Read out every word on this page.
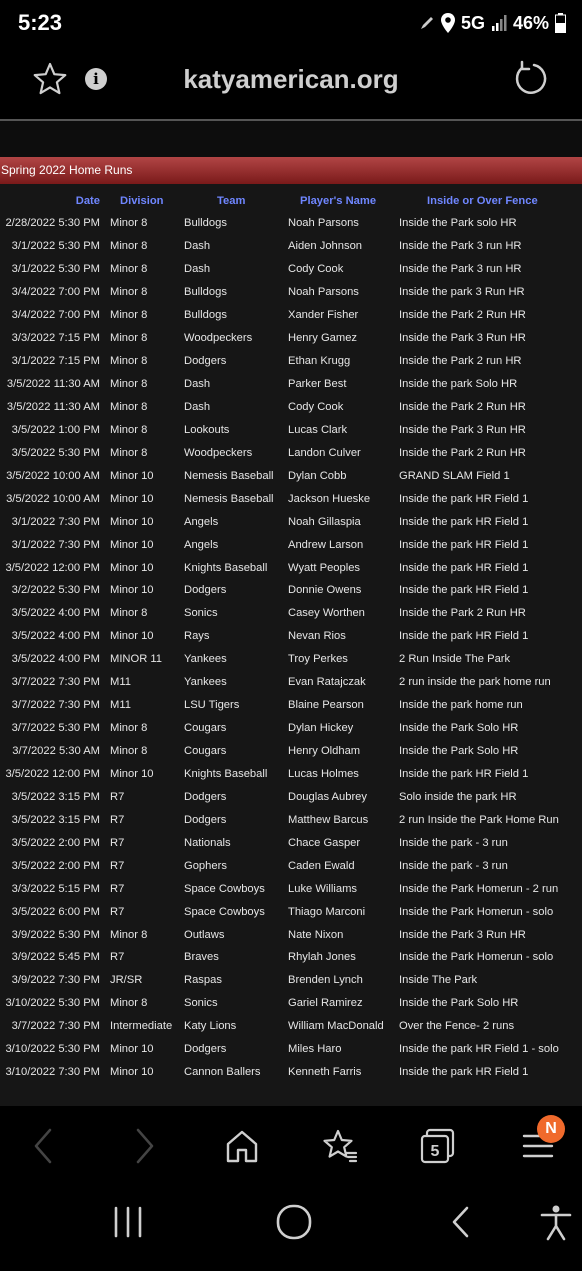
5:23	5G 46%
i	katyamerican.org
Spring 2022 Home Runs
Date	Division	Team	Player's Name	Inside or Over Fence
2/28/2022 5:30 PM	Minor 8	Bulldogs	Noah Parsons	Inside the Park solo HR
3/1/2022 5:30 PM	Minor 8	Dash	Aiden Johnson	Inside the Park 3 run HR
3/1/2022 5:30 PM	Minor 8	Dash	Cody Cook	Inside the Park 3 run HR
3/4/2022 7:00 PM	Minor 8	Bulldogs	Noah Parsons	Inside the park 3 Run HR
3/4/2022 7:00 PM	Minor 8	Bulldogs	Xander Fisher	Inside the Park 2 Run HR
3/3/2022 7:15 PM	Minor 8	Woodpeckers	Henry Gamez	Inside the Park 3 Run HR
3/1/2022 7:15 PM	Minor 8	Dodgers	Ethan Krugg	Inside the Park 2 run HR
3/5/2022 11:30 AM	Minor 8	Dash	Parker Best	Inside the park Solo HR
3/5/2022 11:30 AM	Minor 8	Dash	Cody Cook	Inside the Park 2 Run HR
3/5/2022 1:00 PM	Minor 8	Lookouts	Lucas Clark	Inside the Park 3 Run HR
3/5/2022 5:30 PM	Minor 8	Woodpeckers	Landon Culver	Inside the Park 2 Run HR
3/5/2022 10:00 AM	Minor 10	Nemesis Baseball	Dylan Cobb	GRAND SLAM Field 1
3/5/2022 10:00 AM	Minor 10	Nemesis Baseball	Jackson Hueske	Inside the park HR Field 1
3/1/2022 7:30 PM	Minor 10	Angels	Noah Gillaspia	Inside the park HR Field 1
3/1/2022 7:30 PM	Minor 10	Angels	Andrew Larson	Inside the park HR Field 1
3/5/2022 12:00 PM	Minor 10	Knights Baseball	Wyatt Peoples	Inside the park HR Field 1
3/2/2022 5:30 PM	Minor 10	Dodgers	Donnie Owens	Inside the park HR Field 1
3/5/2022 4:00 PM	Minor 8	Sonics	Casey Worthen	Inside the Park 2 Run HR
3/5/2022 4:00 PM	Minor 10	Rays	Nevan Rios	Inside the park HR Field 1
3/5/2022 4:00 PM	MINOR 11	Yankees	Troy Perkes	2 Run Inside The Park
3/7/2022 7:30 PM	M11	Yankees	Evan Ratajczak	2 run inside the park home run
3/7/2022 7:30 PM	M11	LSU Tigers	Blaine Pearson	Inside the park home run
3/7/2022 5:30 PM	Minor 8	Cougars	Dylan Hickey	Inside the Park Solo HR
3/7/2022 5:30 AM	Minor 8	Cougars	Henry Oldham	Inside the Park Solo HR
3/5/2022 12:00 PM	Minor 10	Knights Baseball	Lucas Holmes	Inside the park HR Field 1
3/5/2022 3:15 PM	R7	Dodgers	Douglas Aubrey	Solo inside the park HR
3/5/2022 3:15 PM	R7	Dodgers	Matthew Barcus	2 run Inside the Park Home Run
3/5/2022 2:00 PM	R7	Nationals	Chace Gasper	Inside the park - 3 run
3/5/2022 2:00 PM	R7	Gophers	Caden Ewald	Inside the park - 3 run
3/3/2022 5:15 PM	R7	Space Cowboys	Luke Williams	Inside the Park Homerun - 2 run
3/5/2022 6:00 PM	R7	Space Cowboys	Thiago Marconi	Inside the Park Homerun - solo
3/9/2022 5:30 PM	Minor 8	Outlaws	Nate Nixon	Inside the Park 3 Run HR
3/9/2022 5:45 PM	R7	Braves	Rhylah Jones	Inside the Park Homerun - solo
3/9/2022 7:30 PM	JR/SR	Raspas	Brenden Lynch	Inside The Park
3/10/2022 5:30 PM	Minor 8	Sonics	Gariel Ramirez	Inside the Park Solo HR
3/7/2022 7:30 PM	Intermediate	Katy Lions	William MacDonald	Over the Fence- 2 runs
3/10/2022 5:30 PM	Minor 10	Dodgers	Miles Haro	Inside the park HR Field 1 - solo
3/10/2022 7:30 PM	Minor 10	Cannon Ballers	Kenneth Farris	Inside the park HR Field 1
5
N
